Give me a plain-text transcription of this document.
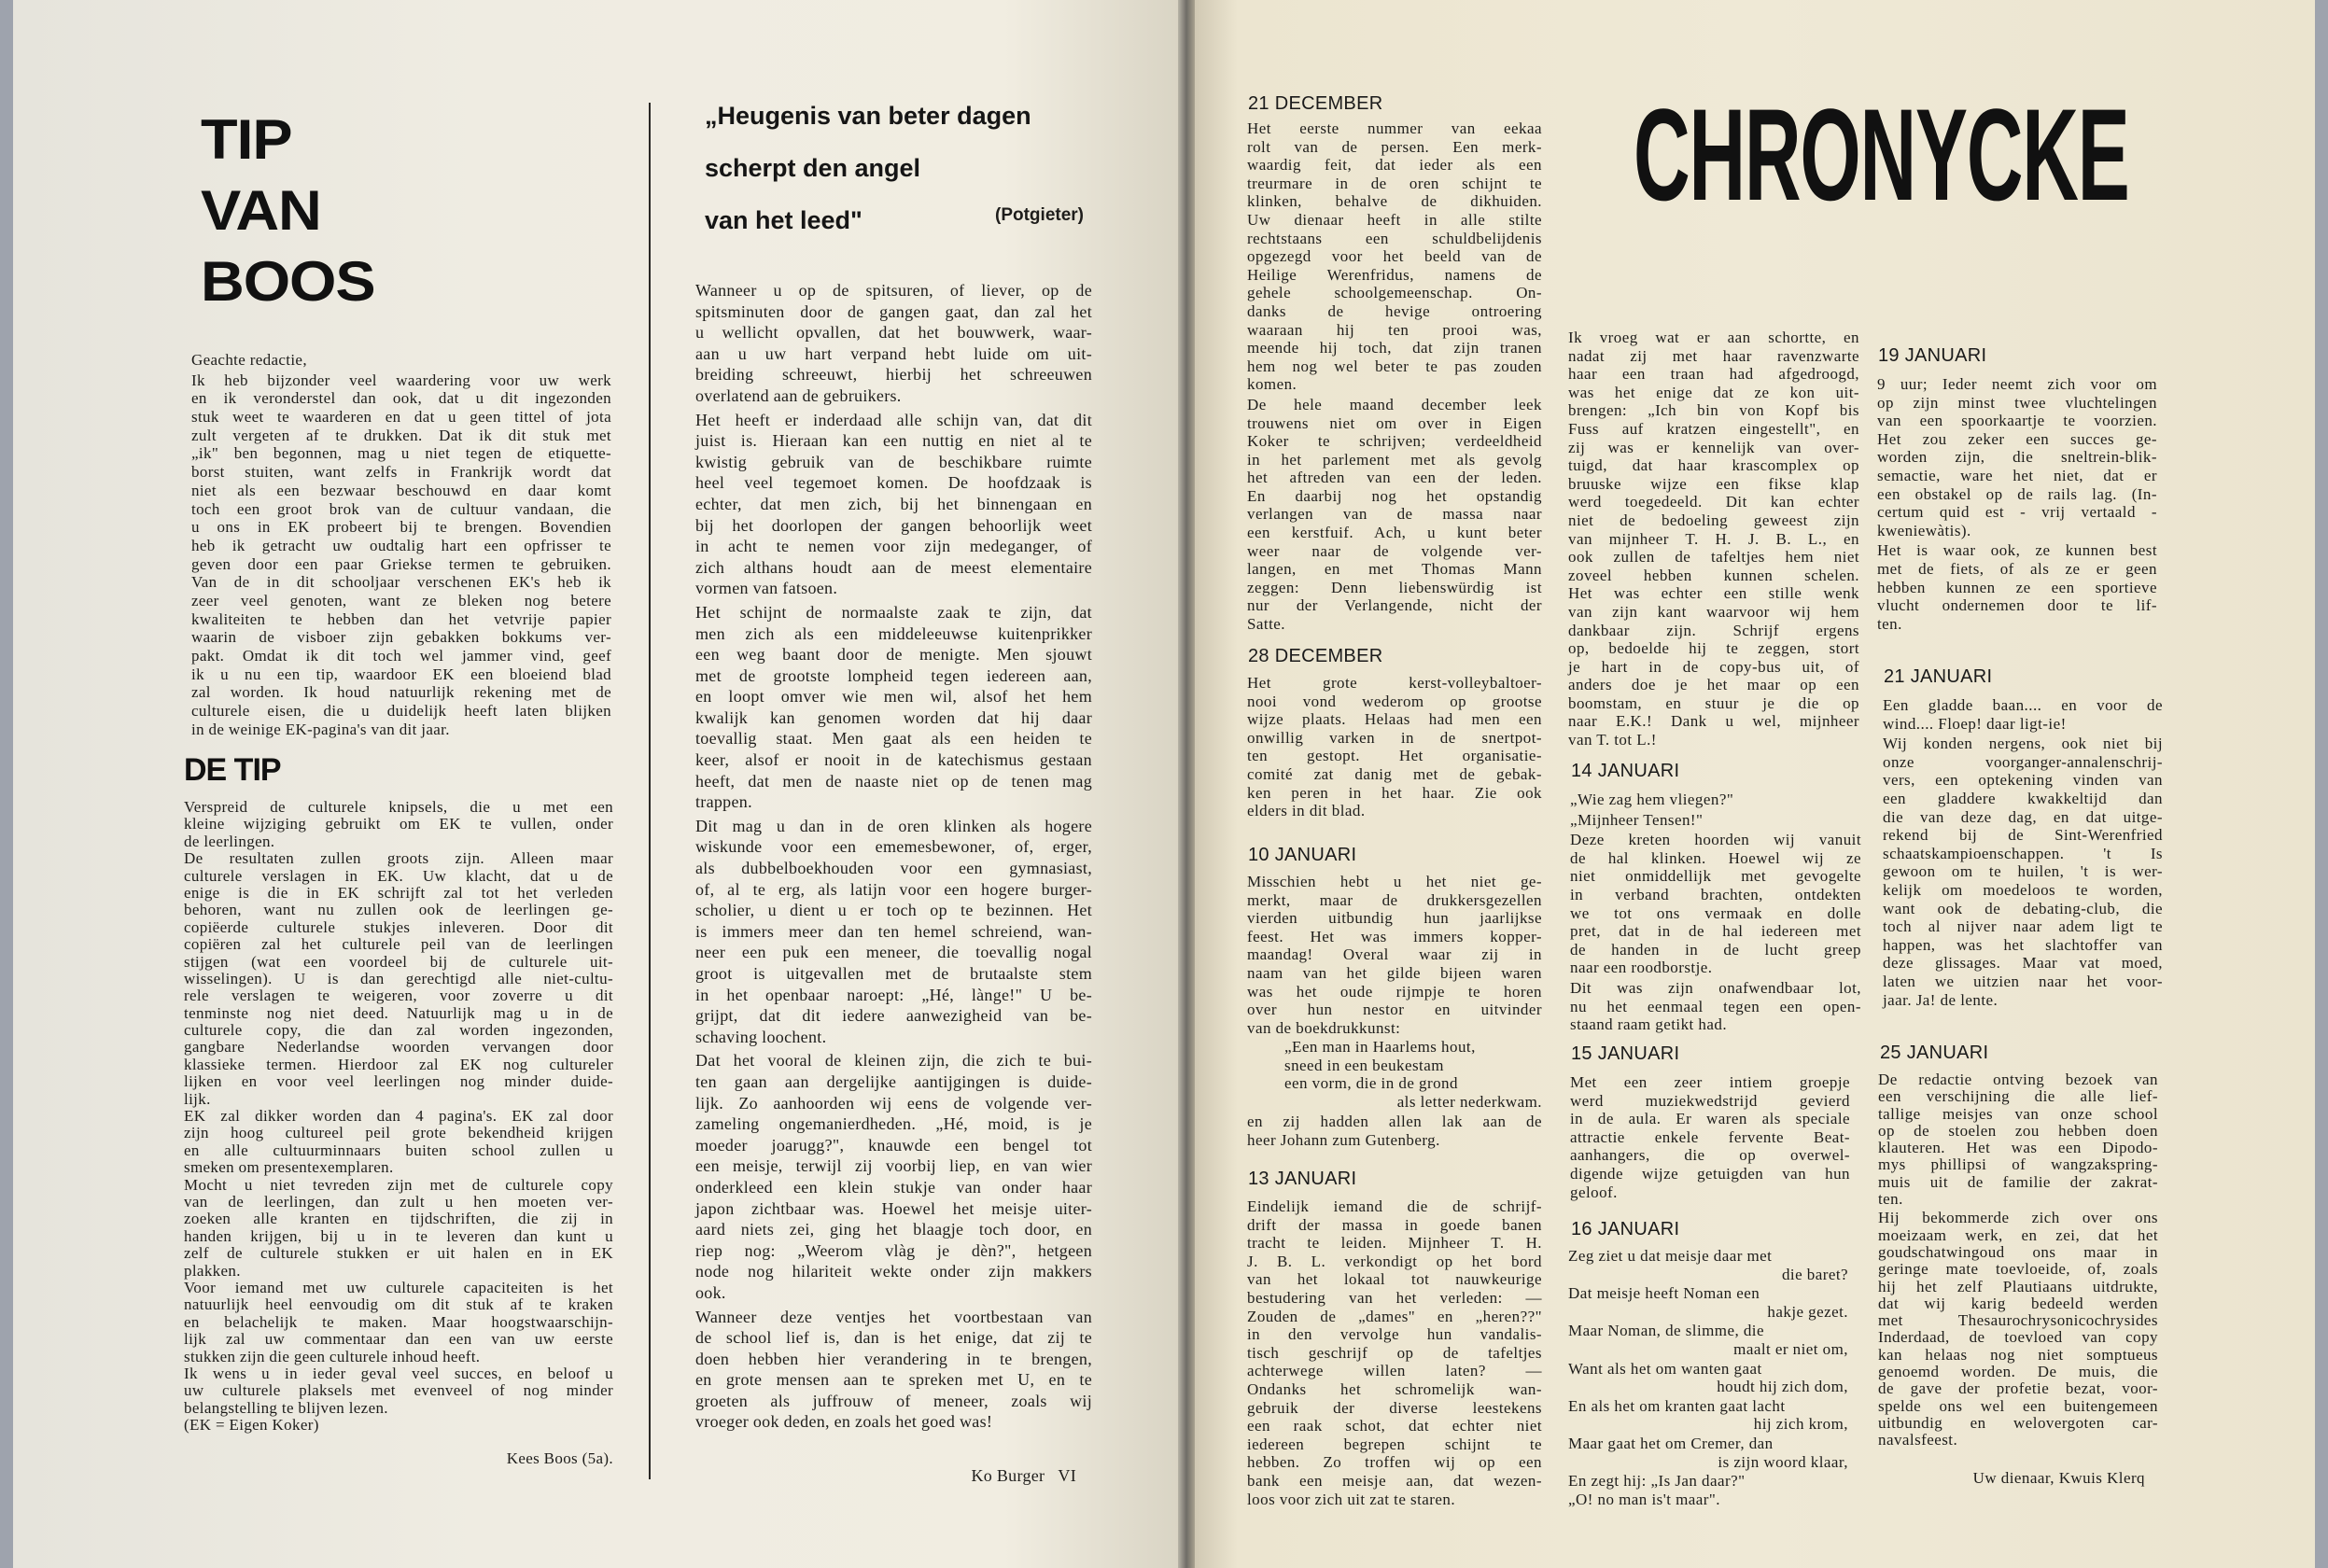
TIP
VAN
BOOS
Geachte redactie,
Ik heb bijzonder veel waardering voor uw werk
en ik veronderstel dan ook, dat u dit ingezonden
stuk weet te waarderen en dat u geen tittel of jota
zult vergeten af te drukken. Dat ik dit stuk met
„ik" ben begonnen, mag u niet tegen de etiquette-
borst stuiten, want zelfs in Frankrijk wordt dat
niet als een bezwaar beschouwd en daar komt
toch een groot brok van de cultuur vandaan, die
u ons in EK probeert bij te brengen. Bovendien
heb ik getracht uw oudtalig hart een opfrisser te
geven door een paar Griekse termen te gebruiken.
Van de in dit schooljaar verschenen EK's heb ik
zeer veel genoten, want ze bleken nog betere
kwaliteiten te hebben dan het vetvrije papier
waarin de visboer zijn gebakken bokkums ver-
pakt. Omdat ik dit toch wel jammer vind, geef
ik u nu een tip, waardoor EK een bloeiend blad
zal worden. Ik houd natuurlijk rekening met de
culturele eisen, die u duidelijk heeft laten blijken
in de weinige EK-pagina's van dit jaar.
DE TIP
Verspreid de culturele knipsels, die u met een
kleine wijziging gebruikt om EK te vullen, onder
de leerlingen.
De resultaten zullen groots zijn. Alleen maar
culturele verslagen in EK. Uw klacht, dat u de
enige is die in EK schrijft zal tot het verleden
behoren, want nu zullen ook de leerlingen ge-
copiëerde culturele stukjes inleveren. Door dit
copiëren zal het culturele peil van de leerlingen
stijgen (wat een voordeel bij de culturele uit-
wisselingen). U is dan gerechtigd alle niet-cultu-
rele verslagen te weigeren, voor zoverre u dit
tenminste nog niet deed. Natuurlijk mag u in de
culturele copy, die dan zal worden ingezonden,
gangbare Nederlandse woorden vervangen door
klassieke termen. Hierdoor zal EK nog cultureler
lijken en voor veel leerlingen nog minder duide-
lijk.
EK zal dikker worden dan 4 pagina's. EK zal door
zijn hoog cultureel peil grote bekendheid krijgen
en alle cultuurminnaars buiten school zullen u
smeken om presentexemplaren.
Mocht u niet tevreden zijn met de culturele copy
van de leerlingen, dan zult u hen moeten ver-
zoeken alle kranten en tijdschriften, die zij in
handen krijgen, bij u in te leveren dan kunt u
zelf de culturele stukken er uit halen en in EK
plakken.
Voor iemand met uw culturele capaciteiten is het
natuurlijk heel eenvoudig om dit stuk af te kraken
en belachelijk te maken. Maar hoogstwaarschijn-
lijk zal uw commentaar dan een van uw eerste
stukken zijn die geen culturele inhoud heeft.
Ik wens u in ieder geval veel succes, en beloof u
uw culturele plaksels met evenveel of nog minder
belangstelling te blijven lezen.
(EK = Eigen Koker)
Kees Boos (5a).
„Heugenis van beter dagen
scherpt den angel
van het leed"	(Potgieter)
Wanneer u op de spitsuren, of liever, op de
spitsminuten door de gangen gaat, dan zal het
u wellicht opvallen, dat het bouwwerk, waar-
aan u uw hart verpand hebt luide om uit-
breiding schreeuwt, hierbij het schreeuwen
overlatend aan de gebruikers.
Het heeft er inderdaad alle schijn van, dat dit
juist is. Hieraan kan een nuttig en niet al te
kwistig gebruik van de beschikbare ruimte
heel veel tegemoet komen. De hoofdzaak is
echter, dat men zich, bij het binnengaan en
bij het doorlopen der gangen behoorlijk weet
in acht te nemen voor zijn medeganger, of
zich althans houdt aan de meest elementaire
vormen van fatsoen.
Het schijnt de normaalste zaak te zijn, dat
men zich als een middeleeuwse kuitenprikker
een weg baant door de menigte. Men sjouwt
met de grootste lompheid tegen iedereen aan,
en loopt omver wie men wil, alsof het hem
kwalijk kan genomen worden dat hij daar
toevallig staat. Men gaat als een heiden te
keer, alsof er nooit in de katechismus gestaan
heeft, dat men de naaste niet op de tenen mag
trappen.
Dit mag u dan in de oren klinken als hogere
wiskunde voor een ememesbewoner, of, erger,
als dubbelboekhouden voor een gymnasiast,
of, al te erg, als latijn voor een hogere burger-
scholier, u dient u er toch op te bezinnen. Het
is immers meer dan ten hemel schreiend, wan-
neer een puk een meneer, die toevallig nogal
groot is uitgevallen met de brutaalste stem
in het openbaar naroept: „Hé, lànge!" U be-
grijpt, dat dit iedere aanwezigheid van be-
schaving loochent.
Dat het vooral de kleinen zijn, die zich te bui-
ten gaan aan dergelijke aantijgingen is duide-
lijk. Zo aanhoorden wij eens de volgende ver-
zameling ongemanierdheden. „Hé, moid, is je
moeder joarugg?", knauwde een bengel tot
een meisje, terwijl zij voorbij liep, en van wier
onderkleed een klein stukje van onder haar
japon zichtbaar was. Hoewel het meisje uiter-
aard niets zei, ging het blaagje toch door, en
riep nog: „Weerom vlàg je dèn?", hetgeen
node nog hilariteit wekte onder zijn makkers
ook.
Wanneer deze ventjes het voortbestaan van
de school lief is, dan is het enige, dat zij te
doen hebben hier verandering in te brengen,
en grote mensen aan te spreken met U, en te
groeten als juffrouw of meneer, zoals wij
vroeger ook deden, en zoals het goed was!
Ko Burger   VI
CHRONYCKE
21 DECEMBER
Het eerste nummer van eekaa
rolt van de persen. Een merk-
waardig feit, dat ieder als een
treurmare in de oren schijnt te
klinken, behalve de dikhuiden.
Uw dienaar heeft in alle stilte
rechtstaans een schuldbelijdenis
opgezegd voor het beeld van de
Heilige Werenfridus, namens de
gehele schoolgemeenschap. On-
danks de hevige ontroering
waaraan hij ten prooi was,
meende hij toch, dat zijn tranen
hem nog wel beter te pas zouden
komen.
De hele maand december leek
trouwens niet om over in Eigen
Koker te schrijven; verdeeldheid
in het parlement met als gevolg
het aftreden van een der leden.
En daarbij nog het opstandig
verlangen van de massa naar
een kerstfuif. Ach, u kunt beter
weer naar de volgende ver-
langen, en met Thomas Mann
zeggen: Denn liebenswürdig ist
nur der Verlangende, nicht der
Satte.
28 DECEMBER
Het grote kerst-volleybaltoer-
nooi vond wederom op grootse
wijze plaats. Helaas had men een
onwillig varken in de snertpot-
ten gestopt. Het organisatie-
comité zat danig met de gebak-
ken peren in het haar. Zie ook
elders in dit blad.
10 JANUARI
Misschien hebt u het niet ge-
merkt, maar de drukkersgezellen
vierden uitbundig hun jaarlijkse
feest. Het was immers kopper-
maandag! Overal waar zij in
naam van het gilde bijeen waren
was het oude rijmpje te horen
over hun nestor en uitvinder
van de boekdrukkunst:
„Een man in Haarlems hout,
sneed in een beukestam
een vorm, die in de grond
als letter nederkwam.
en zij hadden allen lak aan de
heer Johann zum Gutenberg.
13 JANUARI
Eindelijk iemand die de schrijf-
drift der massa in goede banen
tracht te leiden. Mijnheer T. H.
J. B. L. verkondigt op het bord
van het lokaal tot nauwkeurige
bestudering van het verleden: —
Zouden de „dames" en „heren??"
in den vervolge hun vandalis-
tisch geschrijf op de tafeltjes
achterwege willen laten? —
Ondanks het schromelijk wan-
gebruik der diverse leestekens
een raak schot, dat echter niet
iedereen begrepen schijnt te
hebben. Zo troffen wij op een
bank een meisje aan, dat wezen-
loos voor zich uit zat te staren.
Ik vroeg wat er aan schortte, en
nadat zij met haar ravenzwarte
haar een traan had afgedroogd,
was het enige dat ze kon uit-
brengen: „Ich bin von Kopf bis
Fuss auf kratzen eingestellt", en
zij was er kennelijk van over-
tuigd, dat haar krascomplex op
bruuske wijze een fikse klap
werd toegedeeld. Dit kan echter
niet de bedoeling geweest zijn
van mijnheer T. H. J. B. L., en
ook zullen de tafeltjes hem niet
zoveel hebben kunnen schelen.
Het was echter een stille wenk
van zijn kant waarvoor wij hem
dankbaar zijn. Schrijf ergens
op, bedoelde hij te zeggen, stort
je hart in de copy-bus uit, of
anders doe je het maar op een
boomstam, en stuur je die op
naar E.K.! Dank u wel, mijnheer
van T. tot L.!
14 JANUARI
„Wie zag hem vliegen?"
„Mijnheer Tensen!"
Deze kreten hoorden wij vanuit
de hal klinken. Hoewel wij ze
niet onmiddellijk met gevogelte
in verband brachten, ontdekten
we tot ons vermaak en dolle
pret, dat in de hal iedereen met
de handen in de lucht greep
naar een roodborstje.
Dit was zijn onafwendbaar lot,
nu het eenmaal tegen een open-
staand raam getikt had.
15 JANUARI
Met een zeer intiem groepje
werd muziekwedstrijd gevierd
in de aula. Er waren als speciale
attractie enkele fervente Beat-
aanhangers, die op overwel-
digende wijze getuigden van hun
geloof.
16 JANUARI
Zeg ziet u dat meisje daar met
die baret?
Dat meisje heeft Noman een
hakje gezet.
Maar Noman, de slimme, die
maalt er niet om,
Want als het om wanten gaat
houdt hij zich dom,
En als het om kranten gaat lacht
hij zich krom,
Maar gaat het om Cremer, dan
is zijn woord klaar,
En zegt hij: „Is Jan daar?"
„O! no man is't maar".
19 JANUARI
9 uur; Ieder neemt zich voor om
op zijn minst twee vluchtelingen
van een spoorkaartje te voorzien.
Het zou zeker een succes ge-
worden zijn, die sneltrein-blik-
semactie, ware het niet, dat er
een obstakel op de rails lag. (In-
certum quid est - vrij vertaald -
kweniewàtis).
Het is waar ook, ze kunnen best
met de fiets, of als ze er geen
hebben kunnen ze een sportieve
vlucht ondernemen door te lif-
ten.
21 JANUARI
Een gladde baan.... en voor de
wind.... Floep! daar ligt-ie!
Wij konden nergens, ook niet bij
onze voorganger-annalenschrij-
vers, een optekening vinden van
een gladdere kwakkeltijd dan
die van deze dag, en dat uitge-
rekend bij de Sint-Werenfried
schaatskampioenschappen. 't Is
gewoon om te huilen, 't is wer-
kelijk om moedeloos te worden,
want ook de debating-club, die
toch al nijver naar adem ligt te
happen, was het slachtoffer van
deze glissages. Maar vat moed,
laten we uitzien naar het voor-
jaar. Ja! de lente.
25 JANUARI
De redactie ontving bezoek van
een verschijning die alle lief-
tallige meisjes van onze school
op de stoelen zou hebben doen
klauteren. Het was een Dipodo-
mys phillipsi of wangzakspring-
muis uit de familie der zakrat-
ten.
Hij bekommerde zich over ons
moeizaam werk, en zei, dat het
goudschatwingoud ons maar in
geringe mate toevloeide, of, zoals
hij het zelf Plautiaans uitdrukte,
dat wij karig bedeeld werden
met Thesaurochrysonicochrysides
Inderdaad, de toevloed van copy
kan helaas nog niet somptueus
genoemd worden. De muis, die
de gave der profetie bezat, voor-
spelde ons wel een buitengemeen
uitbundig en welovergoten car-
navalsfeest.
Uw dienaar, Kwuis Klerq
